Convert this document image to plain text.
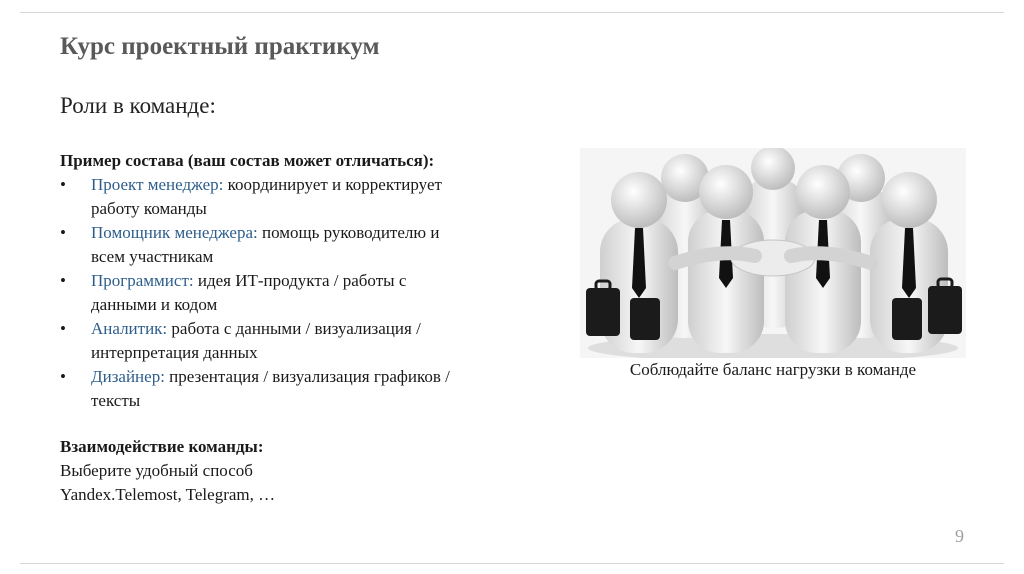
Курс проектный практикум
Роли в команде:
Пример состава (ваш состав может отличаться):
• Проект менеджер: координирует и корректирует
работу команды
• Помощник менеджера: помощь руководителю и
всем участникам
• Программист: идея ИТ-продукта / работы с
данными и кодом
• Аналитик: работа с данными / визуализация /
интерпретация данных
• Дизайнер: презентация / визуализация графиков /
тексты
Взаимодействие команды:
Выберите удобный способ
Yandex.Telemost, Telegram, …
Соблюдайте баланс нагрузки в команде
9
